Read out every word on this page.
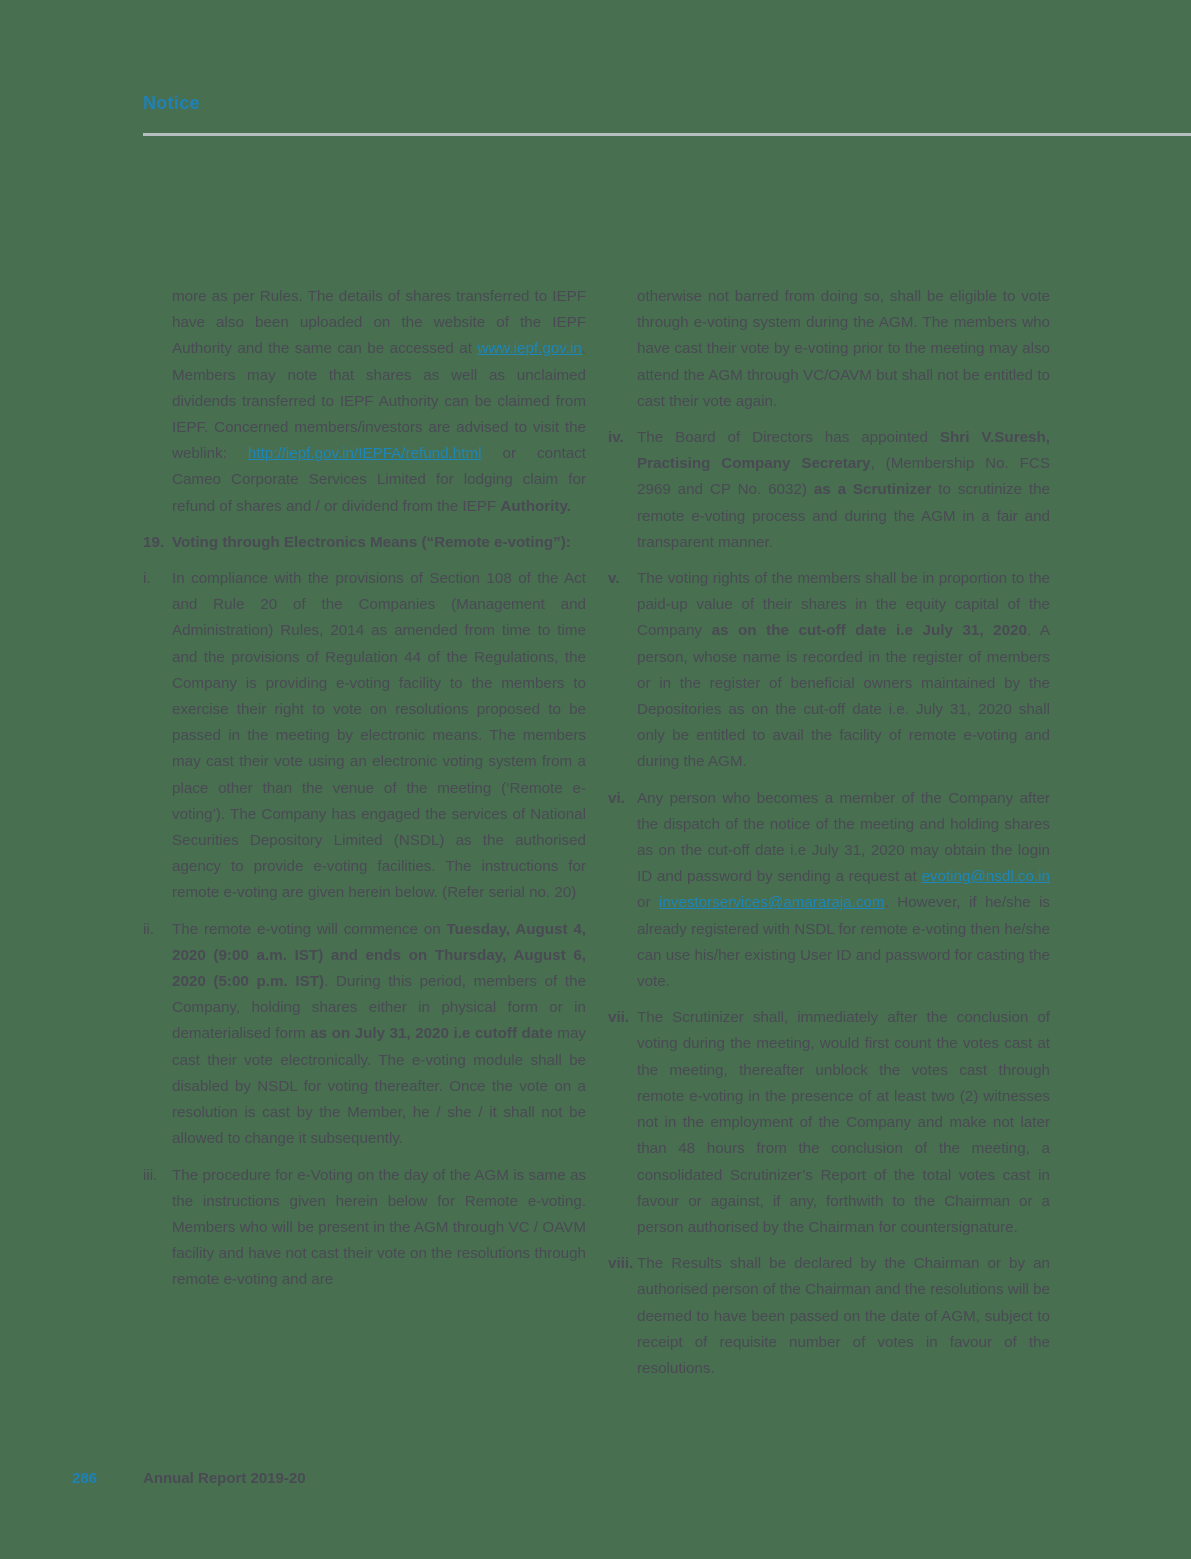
Notice
more as per Rules. The details of shares transferred to IEPF have also been uploaded on the website of the IEPF Authority and the same can be accessed at www.iepf.gov.in. Members may note that shares as well as unclaimed dividends transferred to IEPF Authority can be claimed from IEPF. Concerned members/investors are advised to visit the weblink: http://iepf.gov.in/IEPFA/refund.html or contact Cameo Corporate Services Limited for lodging claim for refund of shares and / or dividend from the IEPF Authority.
19. Voting through Electronics Means (“Remote e-voting”):
i.	In compliance with the provisions of Section 108 of the Act and Rule 20 of the Companies (Management and Administration) Rules, 2014 as amended from time to time and the provisions of Regulation 44 of the Regulations, the Company is providing e-voting facility to the members to exercise their right to vote on resolutions proposed to be passed in the meeting by electronic means. The members may cast their vote using an electronic voting system from a place other than the venue of the meeting (‘Remote e-voting’). The Company has engaged the services of National Securities Depository Limited (NSDL) as the authorised agency to provide e-voting facilities. The instructions for remote e-voting are given herein below. (Refer serial no. 20)
ii.	The remote e-voting will commence on Tuesday, August 4, 2020 (9:00 a.m. IST) and ends on Thursday, August 6, 2020 (5:00 p.m. IST). During this period, members of the Company, holding shares either in physical form or in dematerialised form as on July 31, 2020 i.e cutoff date may cast their vote electronically. The e-voting module shall be disabled by NSDL for voting thereafter. Once the vote on a resolution is cast by the Member, he / she / it shall not be allowed to change it subsequently.
iii. The procedure for e-Voting on the day of the AGM is same as the instructions given herein below for Remote e-voting. Members who will be present in the AGM through VC / OAVM facility and have not cast their vote on the resolutions through remote e-voting and are
otherwise not barred from doing so, shall be eligible to vote through e-voting system during the AGM. The members who have cast their vote by e-voting prior to the meeting may also attend the AGM through VC/OAVM but shall not be entitled to cast their vote again.
iv. The Board of Directors has appointed Shri V.Suresh, Practising Company Secretary, (Membership No. FCS 2969 and CP No. 6032) as a Scrutinizer to scrutinize the remote e-voting process and during the AGM in a fair and transparent manner.
v.	The voting rights of the members shall be in proportion to the paid-up value of their shares in the equity capital of the Company as on the cut-off date i.e July 31, 2020. A person, whose name is recorded in the register of members or in the register of beneficial owners maintained by the Depositories as on the cut-off date i.e. July 31, 2020 shall only be entitled to avail the facility of remote e-voting and during the AGM.
vi. Any person who becomes a member of the Company after the dispatch of the notice of the meeting and holding shares as on the cut-off date i.e July 31, 2020 may obtain the login ID and password by sending a request at evoting@nsdl.co.in or investorservices@amararaja.com. However, if he/she is already registered with NSDL for remote e-voting then he/she can use his/her existing User ID and password for casting the vote.
vii. The Scrutinizer shall, immediately after the conclusion of voting during the meeting, would first count the votes cast at the meeting, thereafter unblock the votes cast through remote e-voting in the presence of at least two (2) witnesses not in the employment of the Company and make not later than 48 hours from the conclusion of the meeting, a consolidated Scrutinizer’s Report of the total votes cast in favour or against, if any, forthwith to the Chairman or a person authorised by the Chairman for countersignature.
viii. The Results shall be declared by the Chairman or by an authorised person of the Chairman and the resolutions will be deemed to have been passed on the date of AGM, subject to receipt of requisite number of votes in favour of the resolutions.
286	Annual Report 2019-20
